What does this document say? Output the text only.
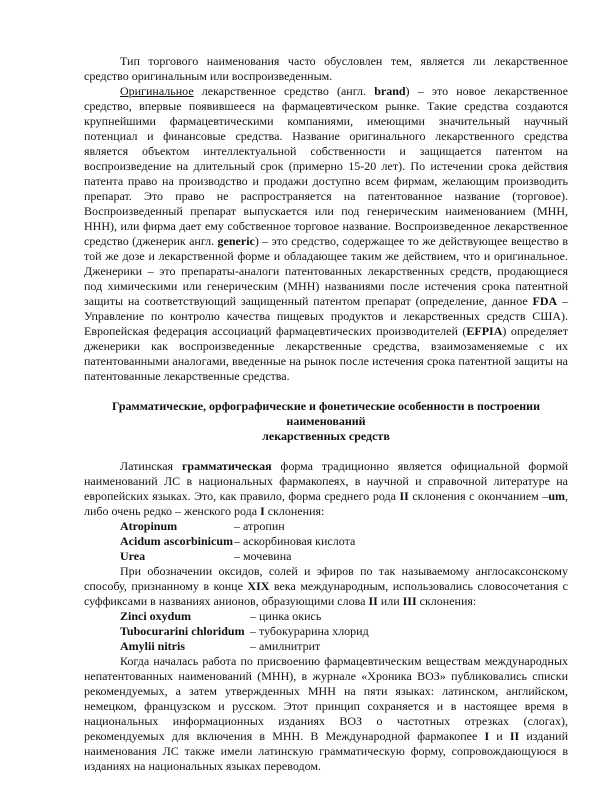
Тип торгового наименования часто обусловлен тем, является ли лекарственное средство оригинальным или воспроизведенным.

Оригинальное лекарственное средство (англ. brand) – это новое лекарственное средство, впервые появившееся на фармацевтическом рынке. Такие средства создаются крупнейшими фармацевтическими компаниями, имеющими значительный научный потенциал и финансовые средства. Название оригинального лекарственного средства является объектом интеллектуальной собственности и защищается патентом на воспроизведение на длительный срок (примерно 15-20 лет). По истечении срока действия патента право на производство и продажи доступно всем фирмам, желающим производить препарат. Это право не распространяется на патентованное название (торговое). Воспроизведенный препарат выпускается или под генерическим наименованием (МНН, ННН), или фирма дает ему собственное торговое название. Воспроизведенное лекарственное средство (дженерик англ. generic) – это средство, содержащее то же действующее вещество в той же дозе и лекарственной форме и обладающее таким же действием, что и оригинальное. Дженерики – это препараты-аналоги патентованных лекарственных средств, продающиеся под химическими или генерическим (МНН) названиями после истечения срока патентной защиты на соответствующий защищенный патентом препарат (определение, данное FDA – Управление по контролю качества пищевых продуктов и лекарственных средств США). Европейская федерация ассоциаций фармацевтических производителей (EFPIA) определяет дженерики как воспроизведенные лекарственные средства, взаимозаменяемые с их патентованными аналогами, введенные на рынок после истечения срока патентной защиты на патентованные лекарственные средства.

Грамматические, орфографические и фонетические особенности в построении наименований
лекарственных средств

Латинская грамматическая форма традиционно является официальной формой наименований ЛС в национальных фармакопеях, в научной и справочной литературе на европейских языках. Это, как правило, форма среднего рода II склонения с окончанием –um, либо очень редко – женского рода I склонения:

Atropinum	– атропин
Acidum ascorbinicum – аскорбиновая кислота
Urea	– мочевина

При обозначении оксидов, солей и эфиров по так называемому англосаксонскому способу, признанному в конце XIX века международным, использовались словосочетания с суффиксами в названиях анионов, образующими слова II или III склонения:

Zinci oxydum	– цинка окись
Tubocurarini chloridum – тубокурарина хлорид
Amylii nitris	– амилнитрит

Когда началась работа по присвоению фармацевтическим веществам международных непатентованных наименований (МНН), в журнале «Хроника ВОЗ» публиковались списки рекомендуемых, а затем утвержденных МНН на пяти языках: латинском, английском, немецком, французском и русском. Этот принцип сохраняется и в настоящее время в национальных информационных изданиях ВОЗ о частотных отрезках (слогах), рекомендуемых для включения в МНН. В Международной фармакопее I и II изданий наименования ЛС также имели латинскую грамматическую форму, сопровождающуюся в изданиях на национальных языках переводом.
